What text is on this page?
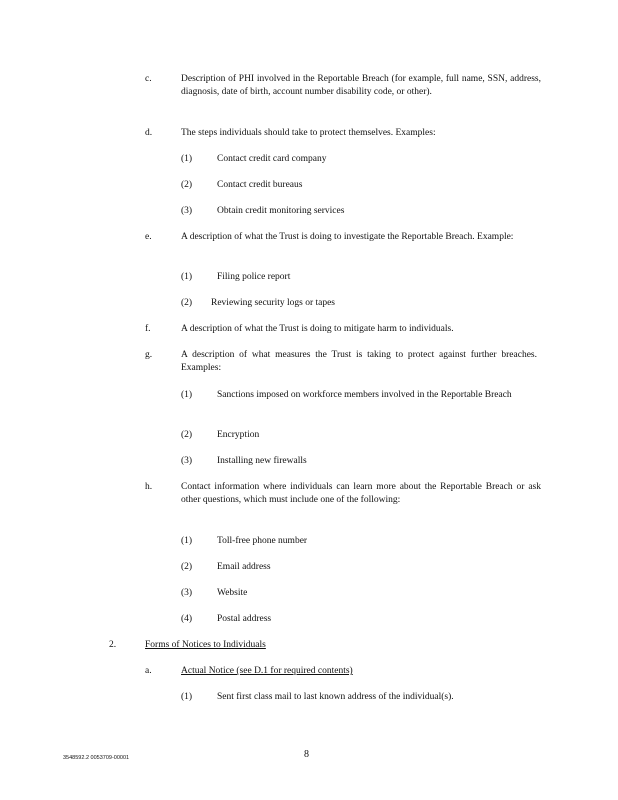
c.	Description of PHI involved in the Reportable Breach (for example, full name, SSN, address, diagnosis, date of birth, account number disability code, or other).
d.	The steps individuals should take to protect themselves. Examples:
(1)	Contact credit card company
(2)	Contact credit bureaus
(3)	Obtain credit monitoring services
e.	A description of what the Trust is doing to investigate the Reportable Breach. Example:
(1)	Filing police report
(2)	Reviewing security logs or tapes
f.	A description of what the Trust is doing to mitigate harm to individuals.
g.	A description of what measures the Trust is taking to protect against further breaches. Examples:
(1)	Sanctions imposed on workforce members involved in the Reportable Breach
(2)	Encryption
(3)	Installing new firewalls
h.	Contact information where individuals can learn more about the Reportable Breach or ask other questions, which must include one of the following:
(1)	Toll-free phone number
(2)	Email address
(3)	Website
(4)	Postal address
2.	Forms of Notices to Individuals
a.	Actual Notice (see D.1 for required contents)
(1)	Sent first class mail to last known address of the individual(s).
3548592.2 0053709-00001	8
